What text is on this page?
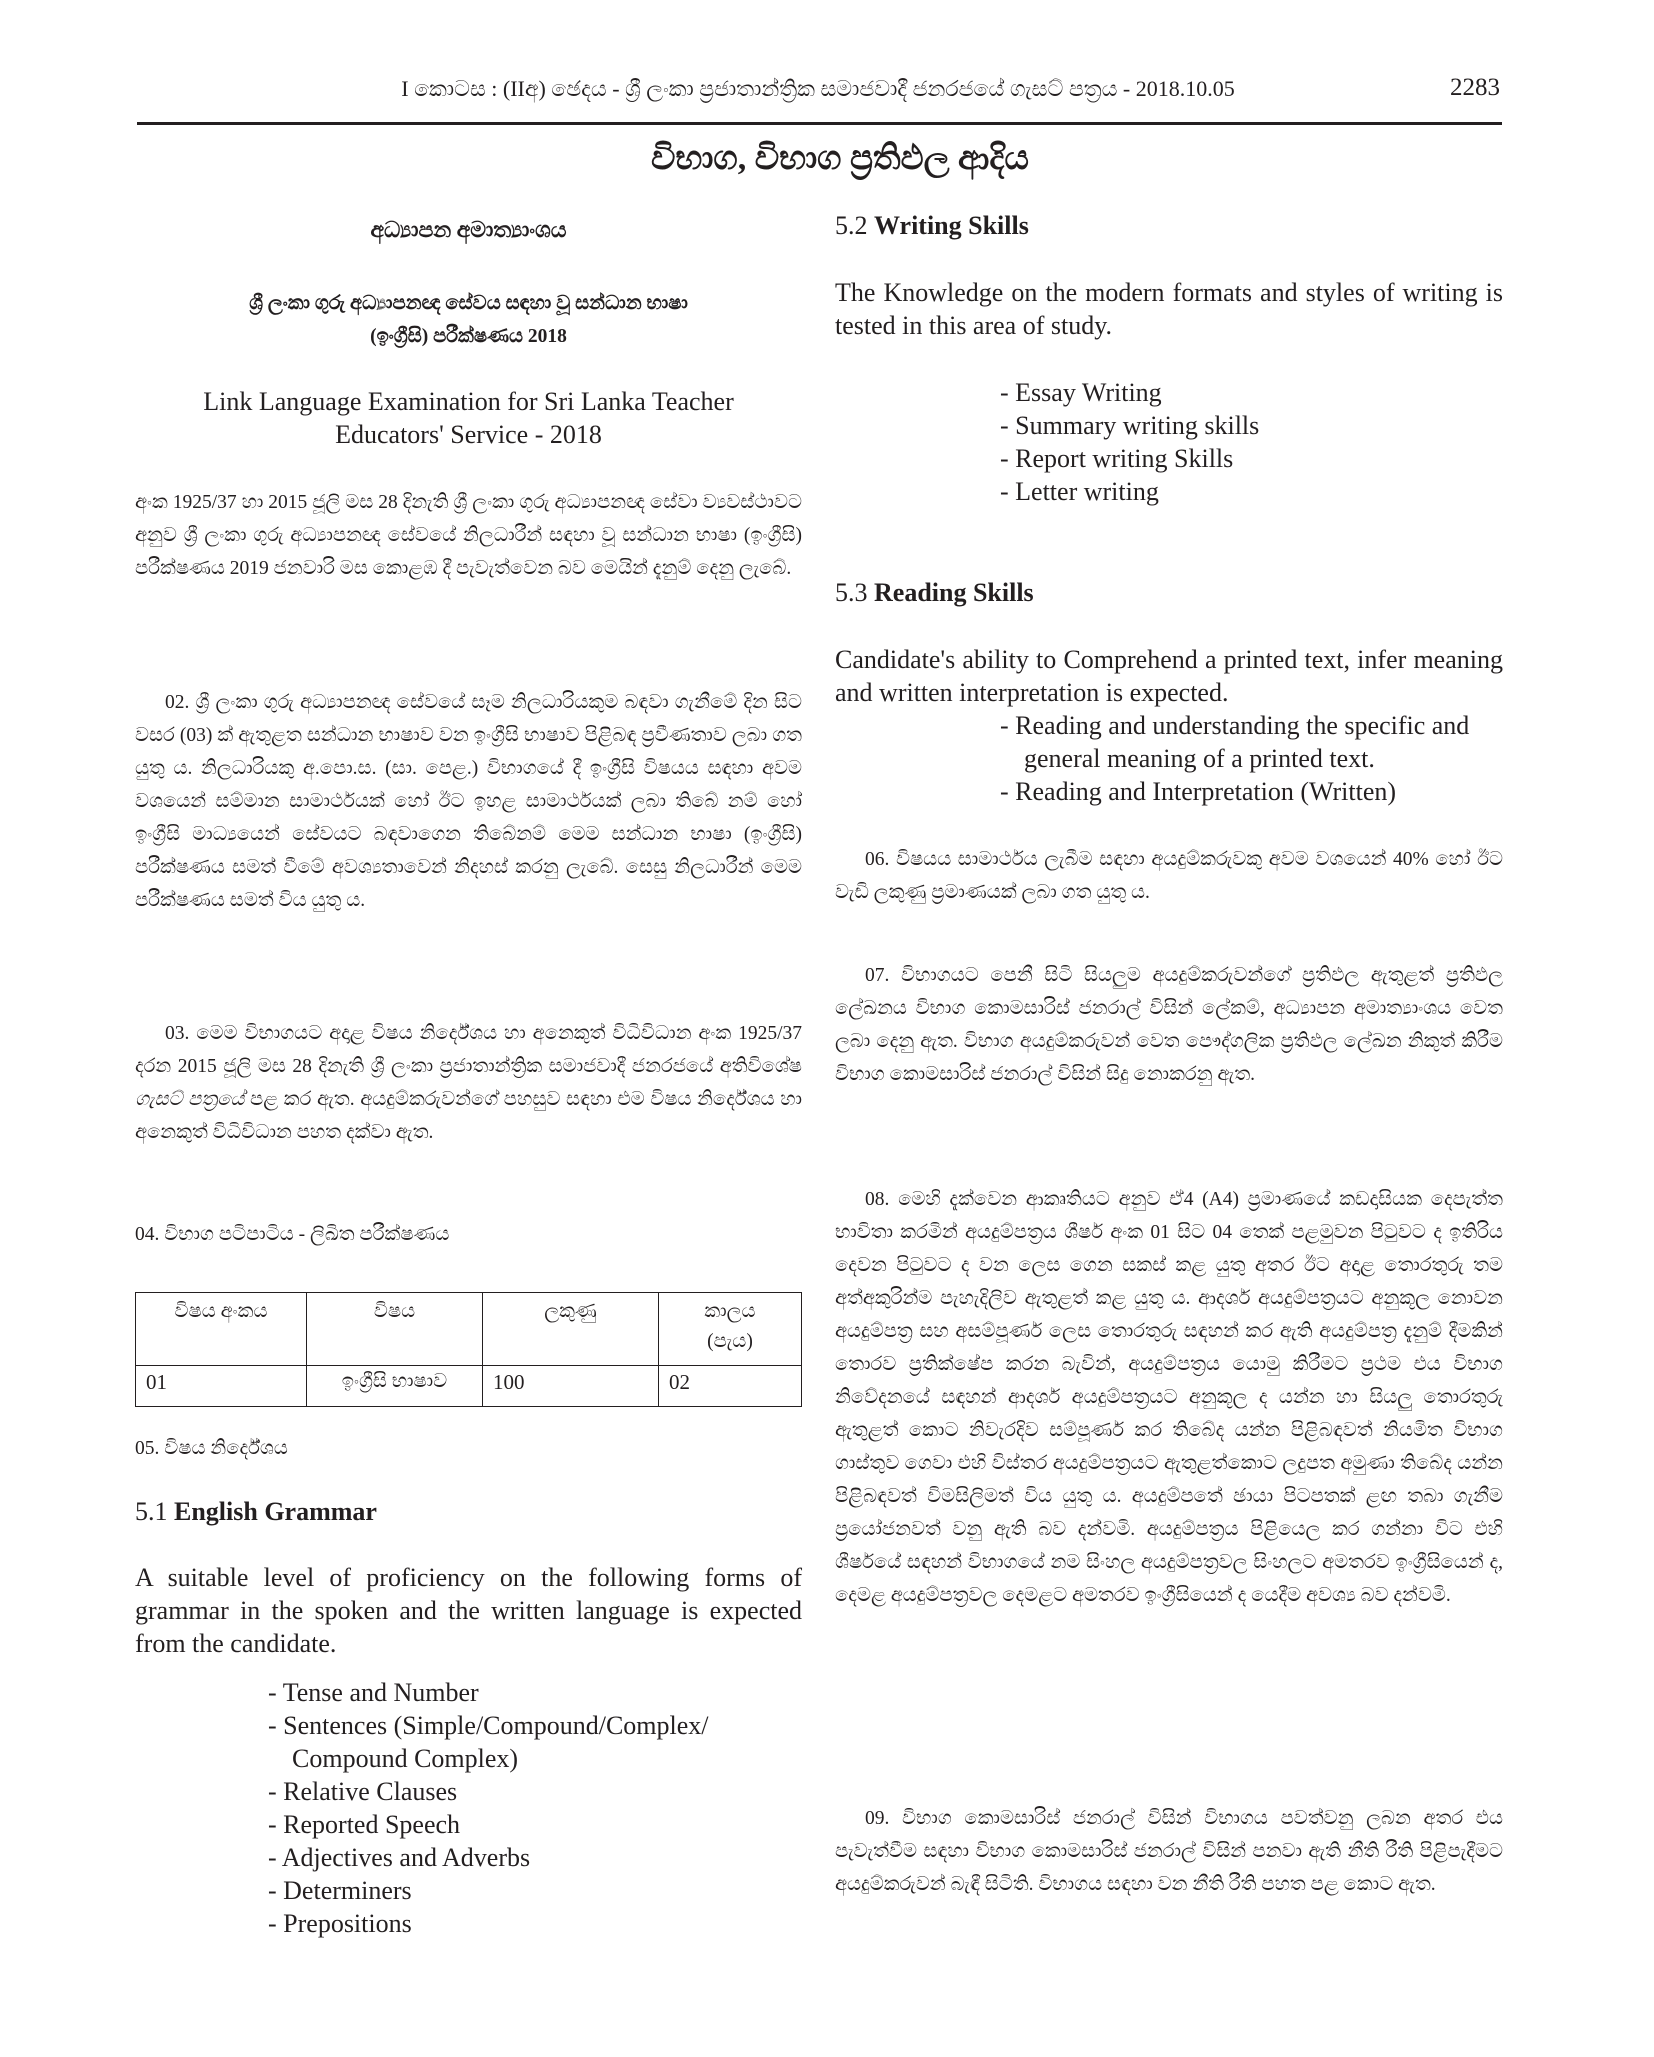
I කොටස : (IIඅ) ඡෙදය - ශ්‍රී ලංකා ප්‍රජාතාන්ත්‍රික සමාජවාදී ජනරජයේ ගැසට් පත්‍රය - 2018.10.05	2283
විභාග, විභාග ප්‍රතිඵල ආදිය
අධ්‍යාපන අමාත්‍යාංශය
ශ්‍රී ලංකා ගුරු අධ්‍යාපනඥ සේවය සඳහා වූ සන්ධාන භාෂා
(ඉංග්‍රීසි) පරීක්ෂණය 2018
Link Language Examination for Sri Lanka Teacher
Educators' Service - 2018
අංක 1925/37 හා 2015 ජූලි මස 28 දිනැති ශ්‍රී ලංකා ගුරු අධ්‍යාපනඥ සේවා ව්‍යවස්ථාවට අනුව ශ්‍රී ලංකා ගුරු අධ්‍යාපනඥ සේවයේ නිලධාරීන් සඳහා වූ සන්ධාන භාෂා (ඉංග්‍රීසි) පරීක්ෂණය 2019 ජනවාරි මස කොළඹ දී පැවැත්වෙන බව මෙයින් දැනුම් දෙනු ලැබේ.
02. ශ්‍රී ලංකා ගුරු අධ්‍යාපනඥ සේවයේ සෑම නිලධාරියකුම බඳවා ගැනීමේ දින සිට වසර (03) ක් ඇතුළත සන්ධාන භාෂාව වන ඉංග්‍රීසි භාෂාව පිළිබඳ ප්‍රවීණතාව ලබා ගත යුතු ය. නිලධාරියකු අ.පො.ස. (සා. පෙළ.) විභාගයේ දී ඉංග්‍රීසි විෂයය සඳහා අවම වශයෙන් සම්මාන සාමාර්ථයක් හෝ ඊට ඉහළ සාමාර්ථයක් ලබා තිබේ නම් හෝ ඉංග්‍රීසි මාධ්‍යයෙන් සේවයට බඳවාගෙන තිබේනම් මෙම සන්ධාන භාෂා (ඉංග්‍රීසි) පරීක්ෂණය සමත් වීමේ අවශ්‍යතාවෙන් නිදහස් කරනු ලැබේ. සෙසු නිලධාරීන් මෙම පරීක්ෂණය සමත් විය යුතු ය.
03. මෙම විභාගයට අදාළ විෂය නිර්දේශය හා අනෙකුත් විධිවිධාන අංක 1925/37 දරන 2015 ජූලි මස 28 දිනැති ශ්‍රී ලංකා ප්‍රජාතාන්ත්‍රික සමාජවාදී ජනරජයේ අතිවිශේෂ ගැසට් පත්‍රයේ පළ කර ඇත. අයදුම්කරුවන්ගේ පහසුව සඳහා එම විෂය නිර්දේශය හා අනෙකුත් විධිවිධාන පහත දක්වා ඇත.
04. විභාග පටිපාටිය - ලිඛිත පරීක්ෂණය
විෂය අංකය	විෂය	ලකුණු	කාලය (පැය)

01	ඉංග්‍රීසි භාෂාව	100	02
05. විෂය නිර්දේශය
5.1 English Grammar
A suitable level of proficiency on the following forms of grammar in the spoken and the written language is expected from the candidate.
- Tense and Number
- Sentences (Simple/Compound/Complex/
Compound Complex)
- Relative Clauses
- Reported Speech
- Adjectives and Adverbs
- Determiners
- Prepositions
5.2 Writing Skills
The Knowledge on the modern formats and styles of writing is tested in this area of study.
- Essay Writing
- Summary writing skills
- Report writing Skills
- Letter writing
5.3 Reading Skills
Candidate's ability to Comprehend a printed text, infer meaning and written interpretation is expected.
- Reading and understanding the specific and
general meaning of a printed text.
- Reading and Interpretation (Written)
06. විෂයය සාමාර්ථය ලැබීම සඳහා අයදුම්කරුවකු අවම වශයෙන් 40% හෝ ඊට වැඩි ලකුණු ප්‍රමාණයක් ලබා ගත යුතු ය.
07. විභාගයට පෙනී සිටි සියලුම අයදුම්කරුවන්ගේ ප්‍රතිඵල ඇතුළත් ප්‍රතිඵල ලේඛනය විභාග කොමසාරිස් ජනරාල් විසින් ලේකම්, අධ්‍යාපන අමාත්‍යාංශය වෙත ලබා දෙනු ඇත. විභාග අයදුම්කරුවන් වෙත පෞද්ගලික ප්‍රතිඵල ලේඛන නිකුත් කිරීම විභාග කොමසාරිස් ජනරාල් විසින් සිදු නොකරනු ඇත.
08. මෙහි දැක්වෙන ආකෘතියට අනුව ඒ4 (A4) ප්‍රමාණයේ කඩදාසියක දෙපැත්ත භාවිතා කරමින් අයදුම්පත්‍රය ශීර්ෂ අංක 01 සිට 04 තෙක් පළමුවන පිටුවට ද ඉතිරිය දෙවන පිටුවට ද වන ලෙස ගෙන සකස් කළ යුතු අතර ඊට අදාළ තොරතුරු තම අත්අකුරින්ම පැහැදිලිව ඇතුළත් කළ යුතු ය. ආදර්ශ අයදුම්පත්‍රයට අනුකූල නොවන අයදුම්පත්‍ර සහ අසම්පූර්ණ ලෙස තොරතුරු සඳහන් කර ඇති අයදුම්පත්‍ර දැනුම් දීමකින් තොරව ප්‍රතික්ෂේප කරන බැවින්, අයදුම්පත්‍රය යොමු කිරීමට ප්‍රථම එය විභාග නිවේදනයේ සඳහන් ආදර්ශ අයදුම්පත්‍රයට අනුකූල ද යන්න හා සියලු තොරතුරු ඇතුළත් කොට නිවැරදිව සම්පූර්ණ කර තිබේද යන්න පිළිබඳවත් නියමිත විභාග ගාස්තුව ගෙවා එහි විස්තර අයදුම්පත්‍රයට ඇතුළත්කොට ලදුපත අමුණා තිබේද යන්න පිළිබඳවත් විමසිලිමත් විය යුතු ය. අයදුම්පතේ ඡායා පිටපතක් ළඟ තබා ගැනීම ප්‍රයෝජනවත් වනු ඇති බව දන්වමි. අයදුම්පත්‍රය පිළියෙල කර ගන්නා විට එහි ශීර්ෂයේ සඳහන් විභාගයේ නම සිංහල අයදුම්පත්‍රවල සිංහලට අමතරව ඉංග්‍රීසියෙන් ද, දෙමළ අයදුම්පත්‍රවල දෙමළට අමතරව ඉංග්‍රීසියෙන් ද යෙදීම අවශ්‍ය බව දන්වමි.
09. විභාග කොමසාරිස් ජනරාල් විසින් විභාගය පවත්වනු ලබන අතර එය පැවැත්වීම සඳහා විභාග කොමසාරිස් ජනරාල් විසින් පනවා ඇති නීති රීති පිළිපැදීමට අයදුම්කරුවන් බැඳී සිටිති. විභාගය සඳහා වන නීති රීති පහත පළ කොට ඇත.
